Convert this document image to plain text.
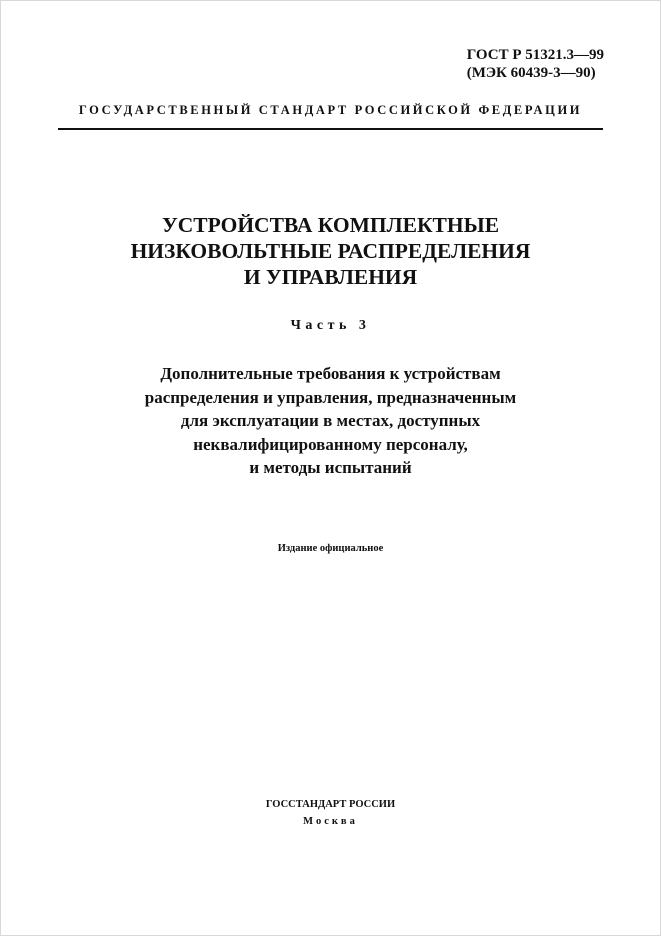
ГОСТ Р 51321.3—99
(МЭК 60439-3—90)
ГОСУДАРСТВЕННЫЙ СТАНДАРТ РОССИЙСКОЙ ФЕДЕРАЦИИ
УСТРОЙСТВА КОМПЛЕКТНЫЕ
НИЗКОВОЛЬТНЫЕ РАСПРЕДЕЛЕНИЯ
И УПРАВЛЕНИЯ
Часть 3
Дополнительные требования к устройствам
распределения и управления, предназначенным
для эксплуатации в местах, доступных
неквалифицированному персоналу,
и методы испытаний
Издание официальное
ГОССТАНДАРТ РОССИИ
Москва
